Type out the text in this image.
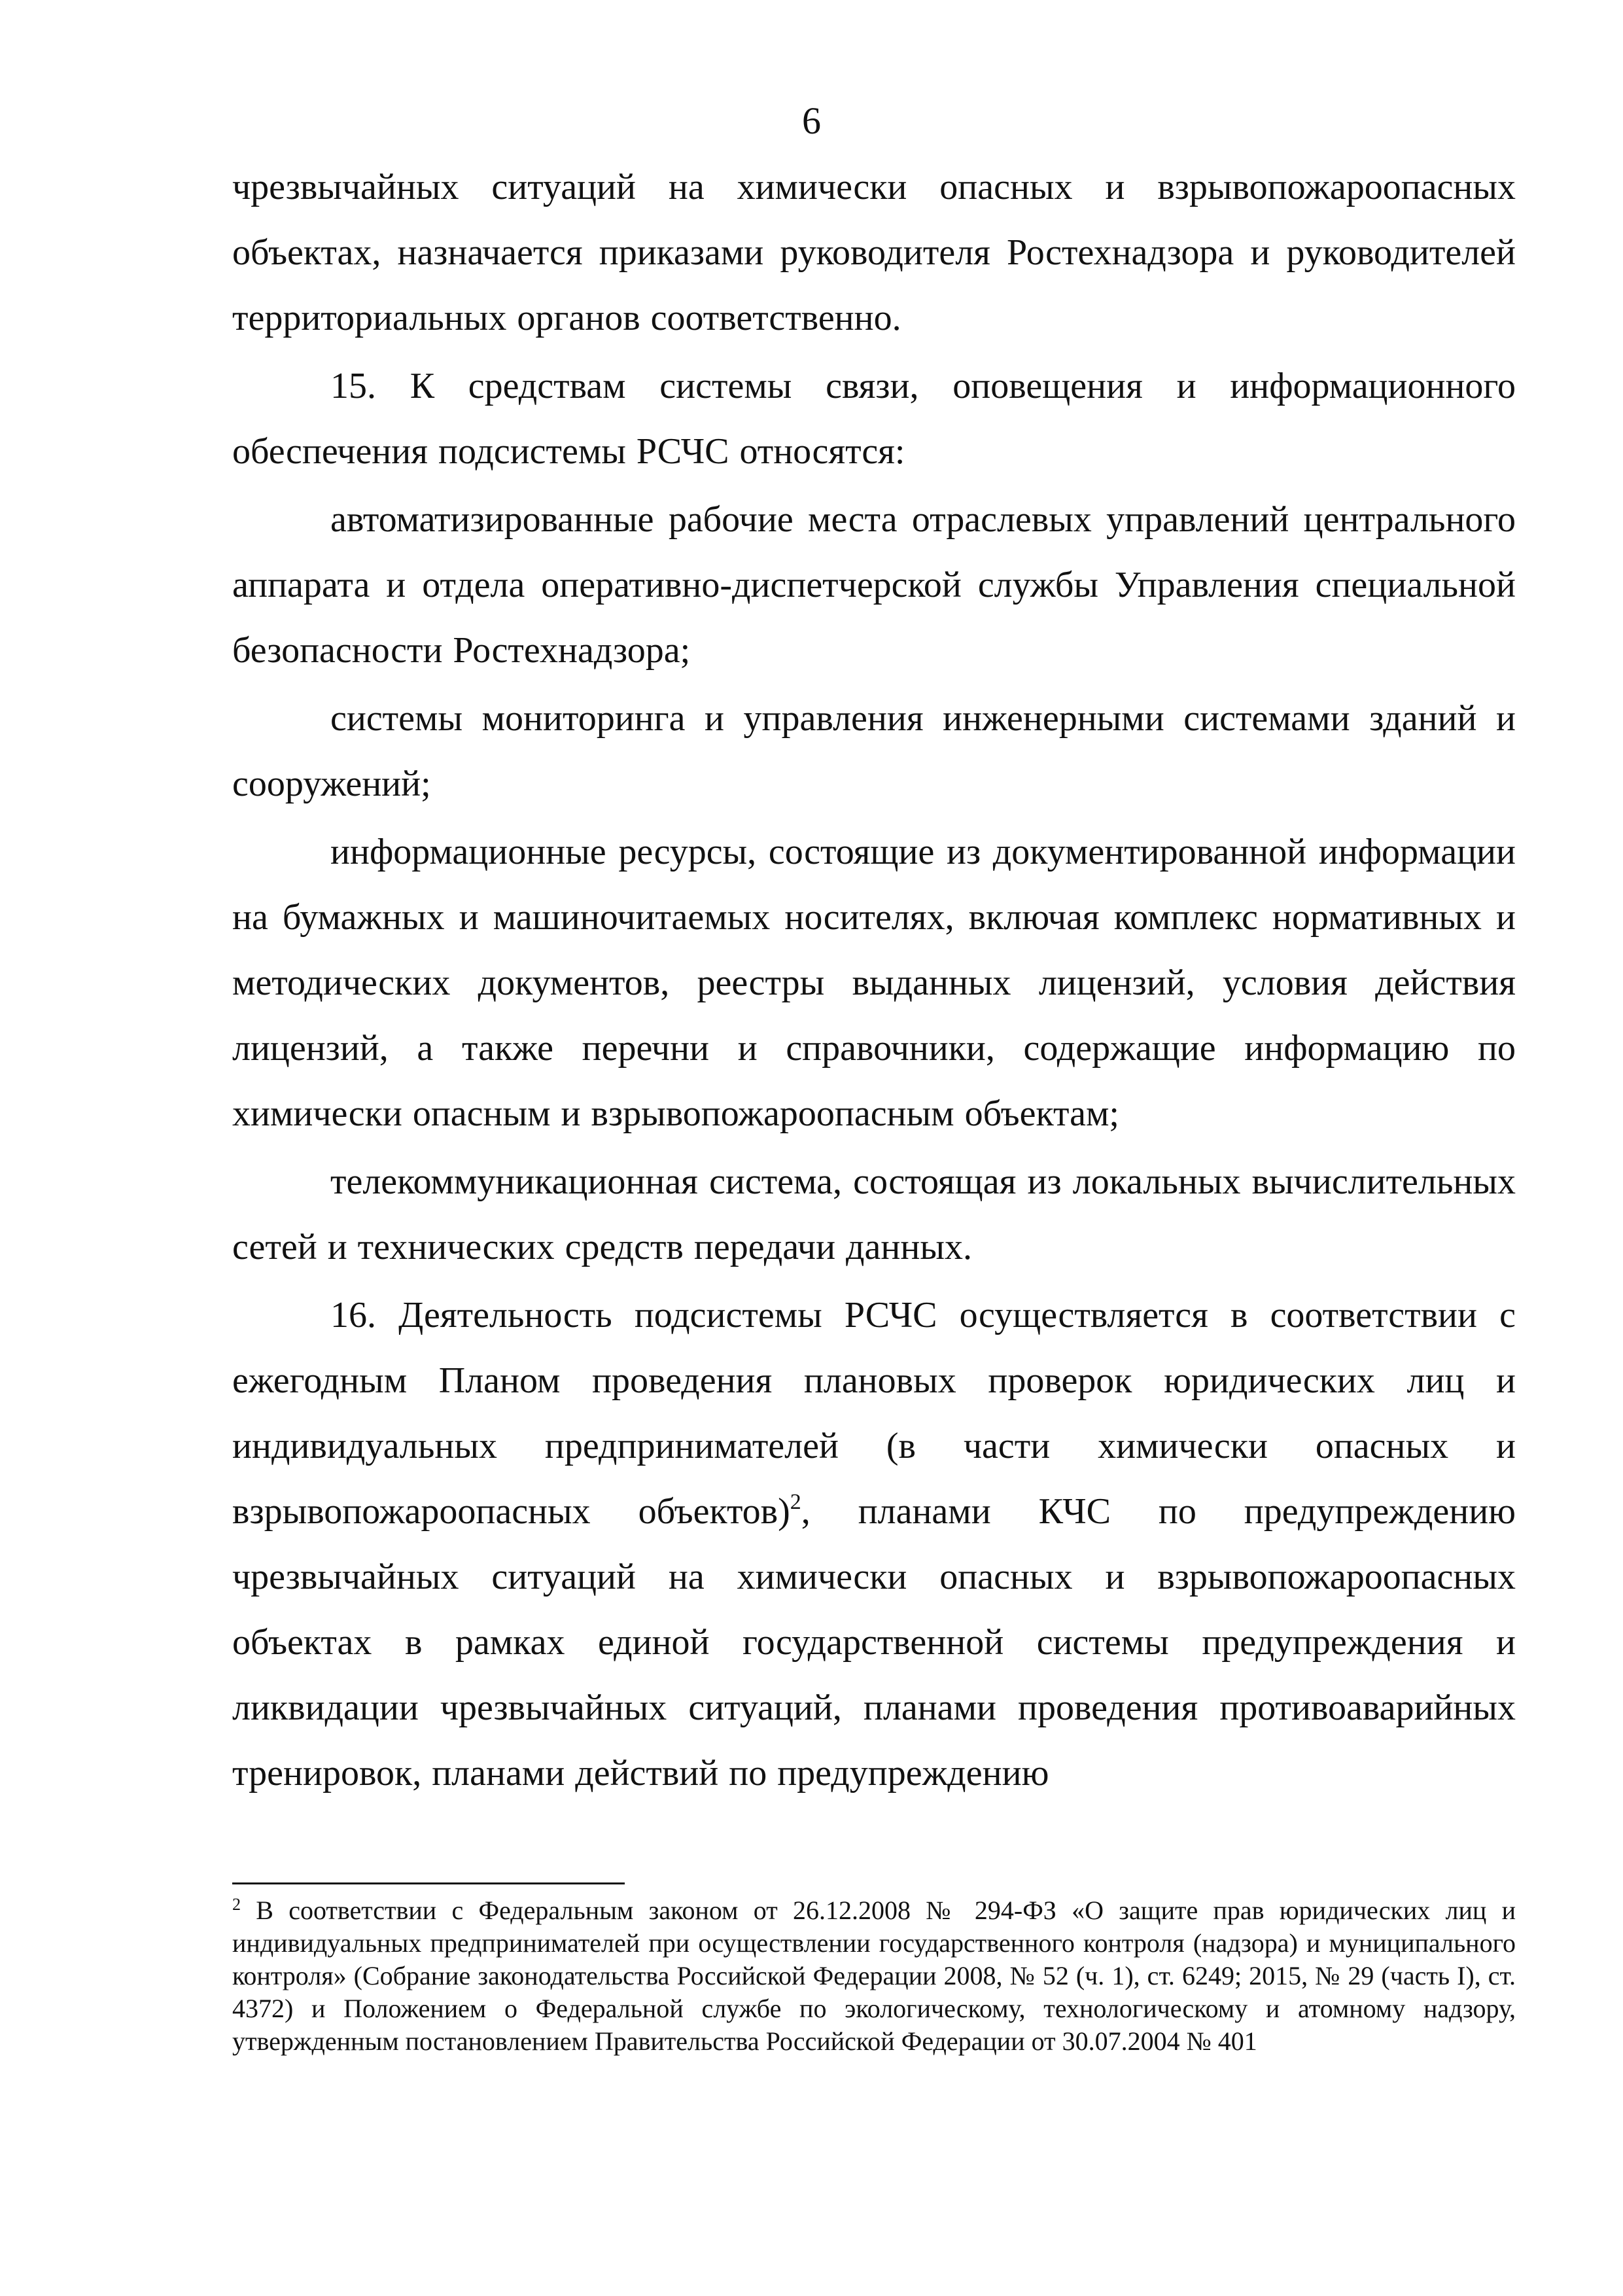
6

чрезвычайных ситуаций на химически опасных и взрывопожароопасных объектах, назначается приказами руководителя Ростехнадзора и руководителей территориальных органов соответственно.

15. К средствам системы связи, оповещения и информационного обеспечения подсистемы РСЧС относятся:

автоматизированные рабочие места отраслевых управлений центрального аппарата и отдела оперативно-диспетчерской службы Управления специальной безопасности Ростехнадзора;

системы мониторинга и управления инженерными системами зданий и сооружений;

информационные ресурсы, состоящие из документированной информации на бумажных и машиночитаемых носителях, включая комплекс нормативных и методических документов, реестры выданных лицензий, условия действия лицензий, а также перечни и справочники, содержащие информацию по химически опасным и взрывопожароопасным объектам;

телекоммуникационная система, состоящая из локальных вычислительных сетей и технических средств передачи данных.

16. Деятельность подсистемы РСЧС осуществляется в соответствии с ежегодным Планом проведения плановых проверок юридических лиц и индивидуальных предпринимателей (в части химически опасных и взрывопожароопасных объектов)$^2$, планами КЧС по предупреждению чрезвычайных ситуаций на химически опасных и взрывопожароопасных объектах в рамках единой государственной системы предупреждения и ликвидации чрезвычайных ситуаций, планами проведения противоаварийных тренировок, планами действий по предупреждению

$^2$ В соответствии с Федеральным законом от 26.12.2008 № 294-ФЗ «О защите прав юридических лиц и индивидуальных предпринимателей при осуществлении государственного контроля (надзора) и муниципального контроля» (Собрание законодательства Российской Федерации 2008, № 52 (ч. 1), ст. 6249; 2015, № 29 (часть I), ст. 4372) и Положением о Федеральной службе по экологическому, технологическому и атомному надзору, утвержденным постановлением Правительства Российской Федерации от 30.07.2004 № 401
